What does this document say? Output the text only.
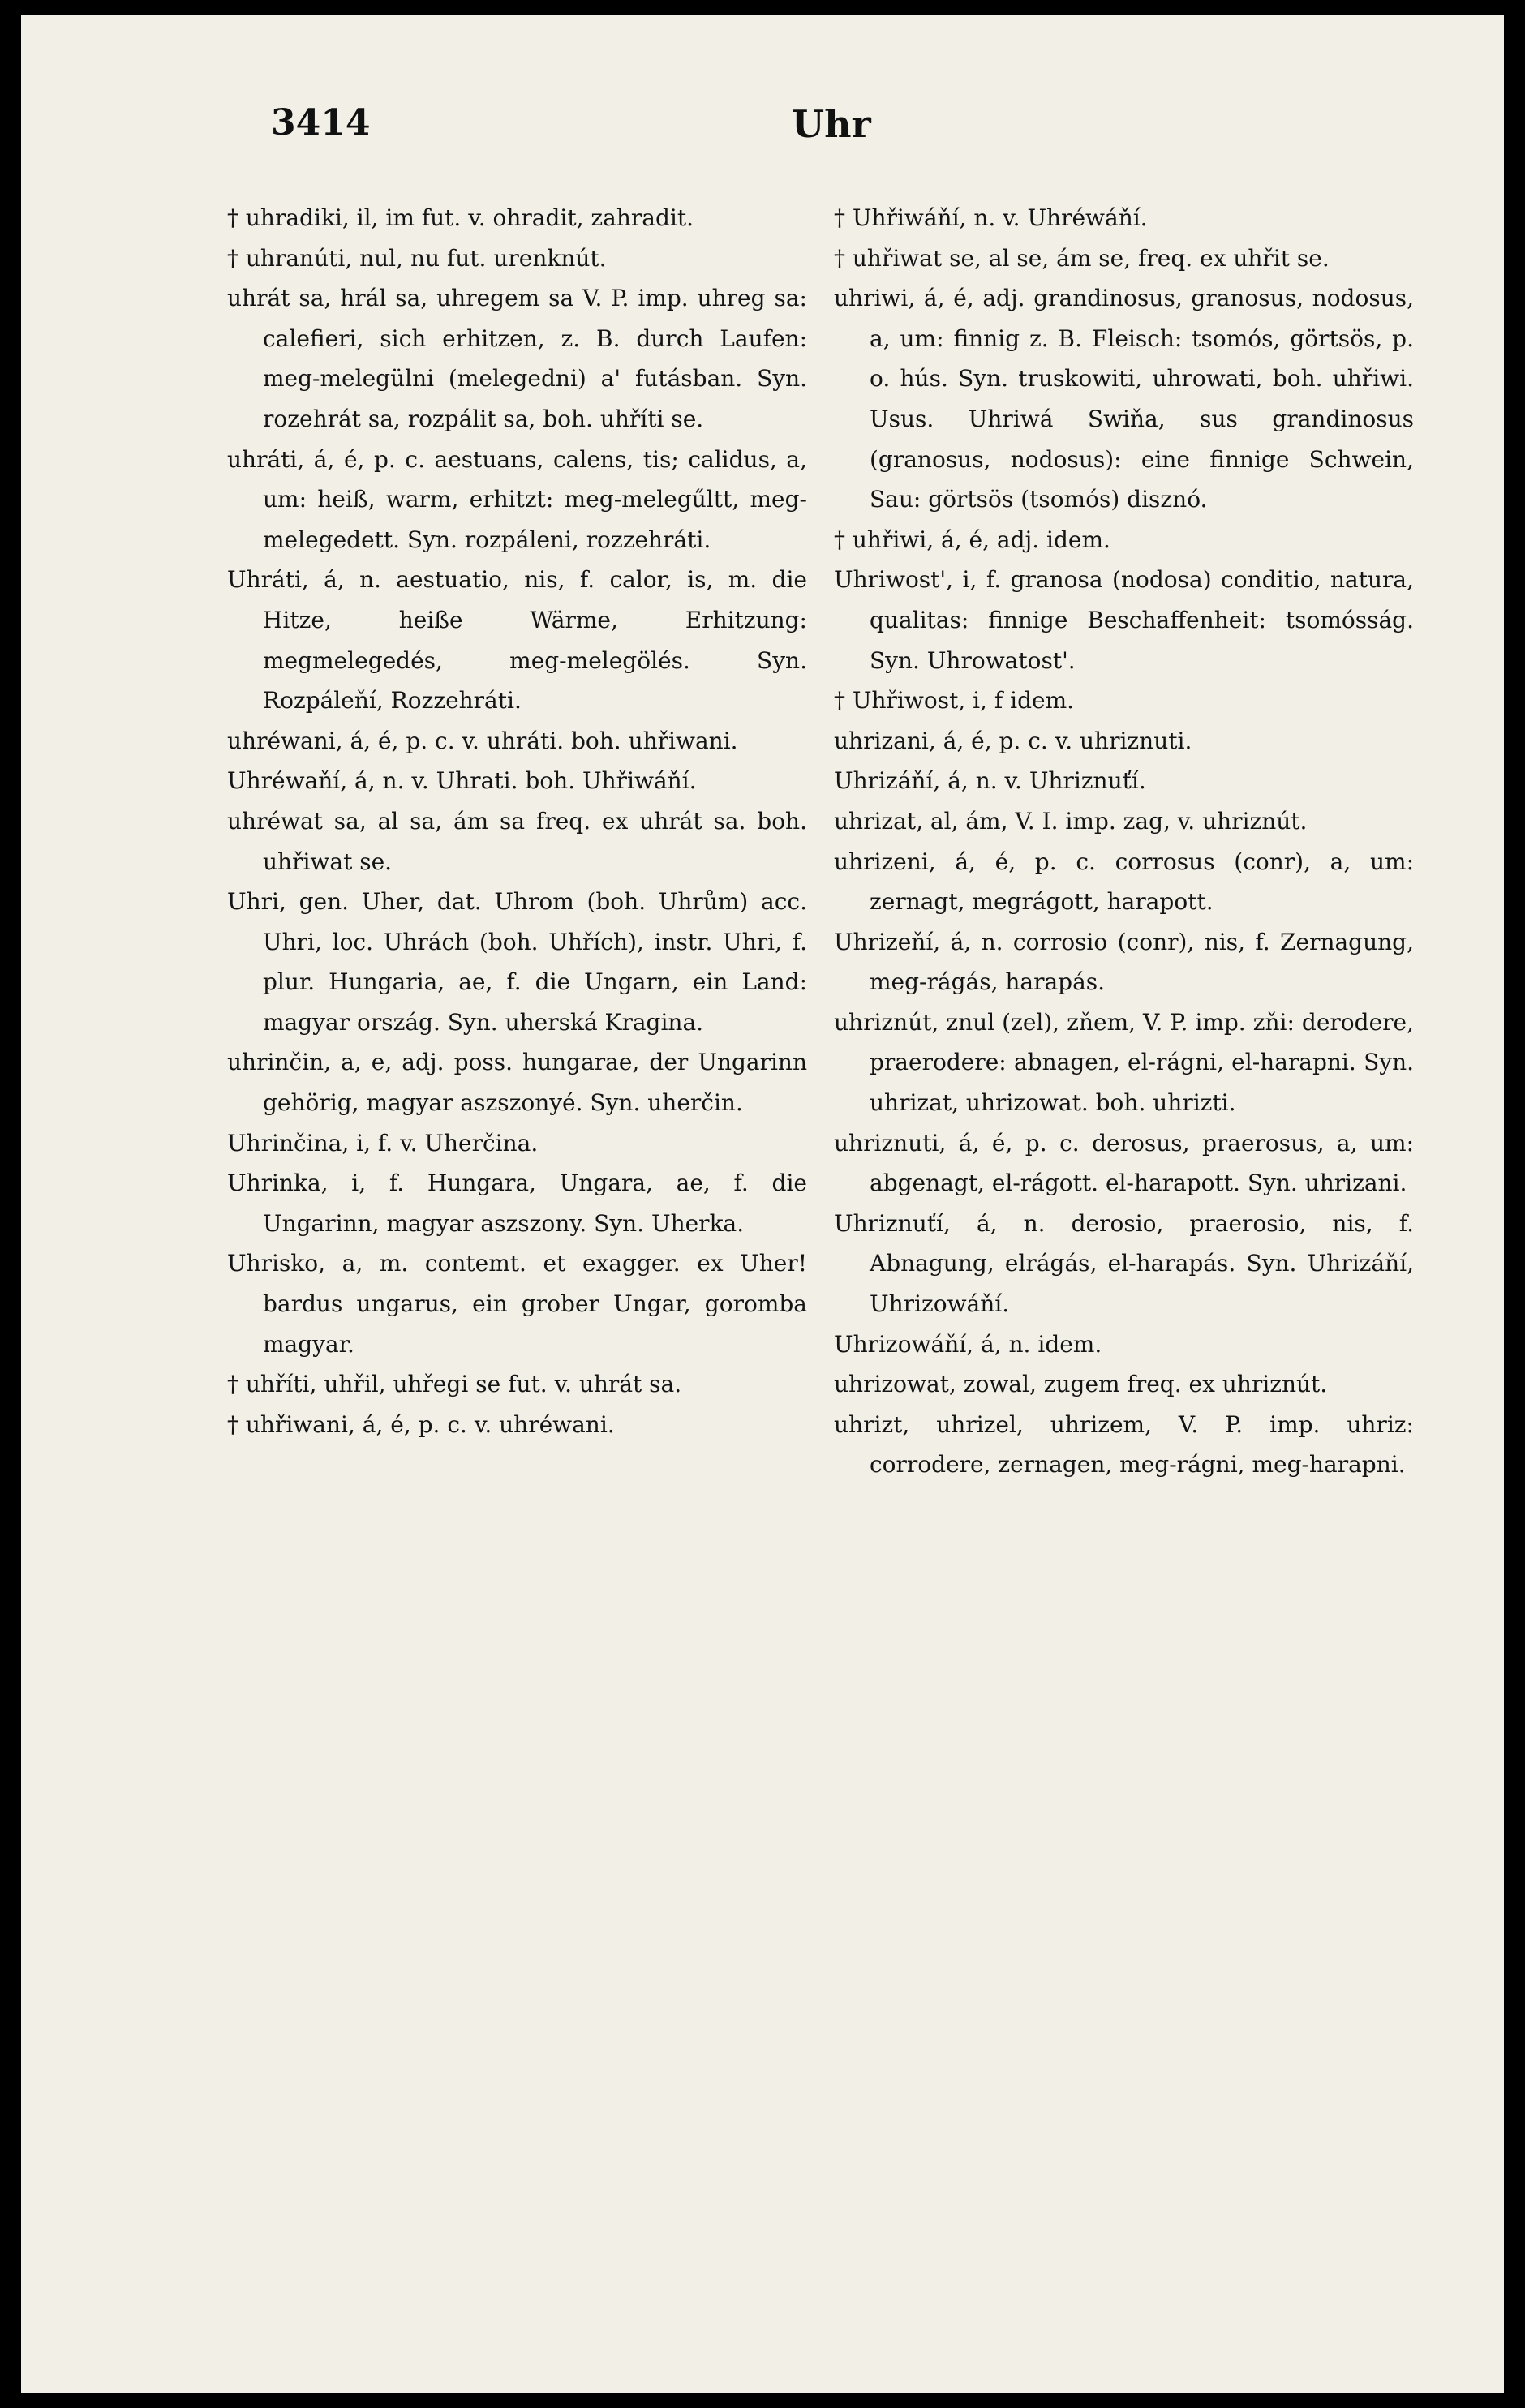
3414	Uhr

† uhradiki, il, im fut. v. ohradit, zahradit.

† uhranúti, nul, nu fut. urenknút.

uhrát sa, hrál sa, uhregem sa V. P. imp. uhreg sa: calefieri, sich erhitzen, z. B. durch Laufen: meg-melegülni (melegedni) a' futásban. Syn. rozehrát sa, rozpálit sa, boh. uhříti se.

uhráti, á, é, p. c. aestuans, calens, tis; calidus, a, um: heiß, warm, erhitzt: meg-melegűltt, meg-melegedett. Syn. rozpáleni, rozzehráti.

Uhráti, á, n. aestuatio, nis, f. calor, is, m. die Hitze, heiße Wärme, Erhitzung: megmelegedés, meg-melegölés. Syn. Rozpáleňí, Rozzehráti.

uhréwani, á, é, p. c. v. uhráti. boh. uhřiwani.

Uhréwaňí, á, n. v. Uhrati. boh. Uhřiwáňí.

uhréwat sa, al sa, ám sa freq. ex uhrát sa. boh. uhřiwat se.

Uhri, gen. Uher, dat. Uhrom (boh. Uhrům) acc. Uhri, loc. Uhrách (boh. Uhřích), instr. Uhri, f. plur. Hungaria, ae, f. die Ungarn, ein Land: magyar ország. Syn. uherská Kragina.

uhrinčin, a, e, adj. poss. hungarae, der Ungarinn gehörig, magyar aszszonyé. Syn. uherčin.

Uhrinčina, i, f. v. Uherčina.

Uhrinka, i, f. Hungara, Ungara, ae, f. die Ungarinn, magyar aszszony. Syn. Uherka.

Uhrisko, a, m. contemt. et exagger. ex Uher! bardus ungarus, ein grober Ungar, goromba magyar.

† uhříti, uhřil, uhřegi se fut. v. uhrát sa.

† uhřiwani, á, é, p. c. v. uhréwani.

† Uhřiwáňí, n. v. Uhréwáňí.

† uhřiwat se, al se, ám se, freq. ex uhřit se.

uhriwi, á, é, adj. grandinosus, granosus, nodosus, a, um: finnig z. B. Fleisch: tsomós, görtsös, p. o. hús. Syn. truskowiti, uhrowati, boh. uhřiwi. Usus. Uhriwá Swiňa, sus grandinosus (granosus, nodosus): eine finnige Schwein, Sau: görtsös (tsomós) disznó.

† uhřiwi, á, é, adj. idem.

Uhriwost', i, f. granosa (nodosa) conditio, natura, qualitas: finnige Beschaffenheit: tsomósság. Syn. Uhrowatost'.

† Uhřiwost, i, f idem.

uhrizani, á, é, p. c. v. uhriznuti.

Uhrizáňí, á, n. v. Uhriznuťí.

uhrizat, al, ám, V. I. imp. zag, v. uhriznút.

uhrizeni, á, é, p. c. corrosus (conr), a, um: zernagt, megrágott, harapott.

Uhrizeňí, á, n. corrosio (conr), nis, f. Zernagung, meg-rágás, harapás.

uhriznút, znul (zel), zňem, V. P. imp. zňi: derodere, praerodere: abnagen, el-rágni, el-harapni. Syn. uhrizat, uhrizowat. boh. uhrizti.

uhriznuti, á, é, p. c. derosus, praerosus, a, um: abgenagt, el-rágott. el-harapott. Syn. uhrizani.

Uhriznuťí, á, n. derosio, praerosio, nis, f. Abnagung, elrágás, el-harapás. Syn. Uhrizáňí, Uhrizowáňí.

Uhrizowáňí, á, n. idem.

uhrizowat, zowal, zugem freq. ex uhriznút.

uhrizt, uhrizel, uhrizem, V. P. imp. uhriz: corrodere, zernagen, meg-rágni, meg-harapni.
